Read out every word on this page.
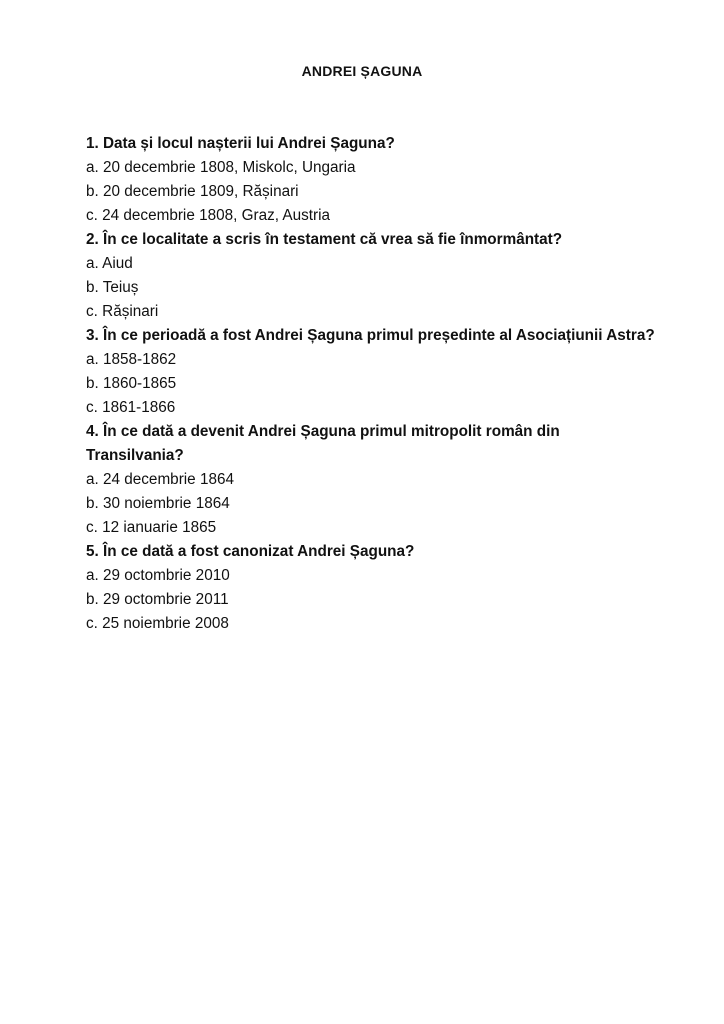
ANDREI ȘAGUNA
1. Data și locul nașterii lui Andrei Șaguna?
a. 20 decembrie 1808, Miskolc, Ungaria
b. 20 decembrie 1809, Rășinari
c. 24 decembrie 1808, Graz, Austria
2. În ce localitate a scris în testament că vrea să fie înmormântat?
a. Aiud
b. Teiuș
c. Rășinari
3. În ce perioadă a fost Andrei Șaguna primul președinte al Asociațiunii Astra?
a. 1858-1862
b. 1860-1865
c. 1861-1866
4. În ce dată a devenit Andrei Șaguna primul mitropolit român din Transilvania?
a. 24 decembrie 1864
b. 30 noiembrie 1864
c. 12 ianuarie 1865
5. În ce dată a fost canonizat Andrei Șaguna?
a. 29 octombrie 2010
b. 29 octombrie 2011
c. 25 noiembrie 2008
